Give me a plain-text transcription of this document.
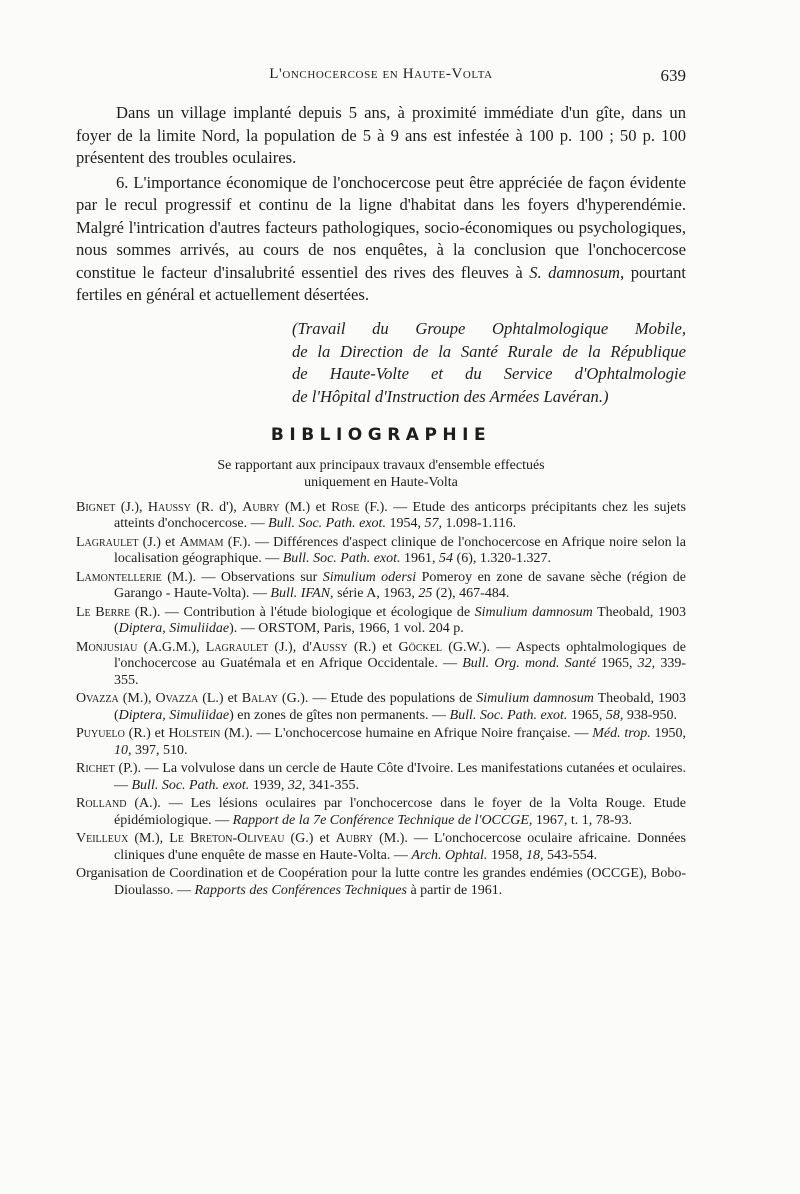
L'onchocercose en Haute-Volta	639

Dans un village implanté depuis 5 ans, à proximité immédiate d'un gîte, dans un foyer de la limite Nord, la population de 5 à 9 ans est infestée à 100 p. 100 ; 50 p. 100 présentent des troubles oculaires.

6. L'importance économique de l'onchocercose peut être appréciée de façon évidente par le recul progressif et continu de la ligne d'habitat dans les foyers d'hyperendémie. Malgré l'intrication d'autres facteurs pathologiques, socio-économiques ou psychologiques, nous sommes arrivés, au cours de nos enquêtes, à la conclusion que l'onchocercose constitue le facteur d'insalubrité essentiel des rives des fleuves à S. damnosum, pourtant fertiles en général et actuellement désertées.

(Travail du Groupe Ophtalmologique Mobile,
de la Direction de la Santé Rurale de la République
de Haute-Volte et du Service d'Ophtalmologie
de l'Hôpital d'Instruction des Armées Lavéran.)
BIBLIOGRAPHIE
Se rapportant aux principaux travaux d'ensemble effectués
uniquement en Haute-Volta

Bignet (J.), Haussy (R. d'), Aubry (M.) et Rose (F.). — Etude des anticorps précipitants chez les sujets atteints d'onchocercose. — Bull. Soc. Path. exot. 1954, 57, 1.098-1.116.

Lagraulet (J.) et Ammam (F.). — Différences d'aspect clinique de l'onchocercose en Afrique noire selon la localisation géographique. — Bull. Soc. Path. exot. 1961, 54 (6), 1.320-1.327.

Lamontellerie (M.). — Observations sur Simulium odersi Pomeroy en zone de savane sèche (région de Garango - Haute-Volta). — Bull. IFAN, série A, 1963, 25 (2), 467-484.

Le Berre (R.). — Contribution à l'étude biologique et écologique de Simulium damnosum Theobald, 1903 (Diptera, Simuliidae). — ORSTOM, Paris, 1966, 1 vol. 204 p.

Monjusiau (A.G.M.), Lagraulet (J.), d'Aussy (R.) et Göckel (G.W.). — Aspects ophtalmologiques de l'onchocercose au Guatémala et en Afrique Occidentale. — Bull. Org. mond. Santé 1965, 32, 339-355.

Ovazza (M.), Ovazza (L.) et Balay (G.). — Etude des populations de Simulium damnosum Theobald, 1903 (Diptera, Simuliidae) en zones de gîtes non permanents. — Bull. Soc. Path. exot. 1965, 58, 938-950.

Puyuelo (R.) et Holstein (M.). — L'onchocercose humaine en Afrique Noire française. — Méd. trop. 1950, 10, 397, 510.

Richet (P.). — La volvulose dans un cercle de Haute Côte d'Ivoire. Les manifestations cutanées et oculaires. — Bull. Soc. Path. exot. 1939, 32, 341-355.

Rolland (A.). — Les lésions oculaires par l'onchocercose dans le foyer de la Volta Rouge. Etude épidémiologique. — Rapport de la 7e Conférence Technique de l'OCCGE, 1967, t. 1, 78-93.

Veilleux (M.), Le Breton-Oliveau (G.) et Aubry (M.). — L'onchocercose oculaire africaine. Données cliniques d'une enquête de masse en Haute-Volta. — Arch. Ophtal. 1958, 18, 543-554.

Organisation de Coordination et de Coopération pour la lutte contre les grandes endémies (OCCGE), Bobo-Dioulasso. — Rapports des Conférences Techniques à partir de 1961.
